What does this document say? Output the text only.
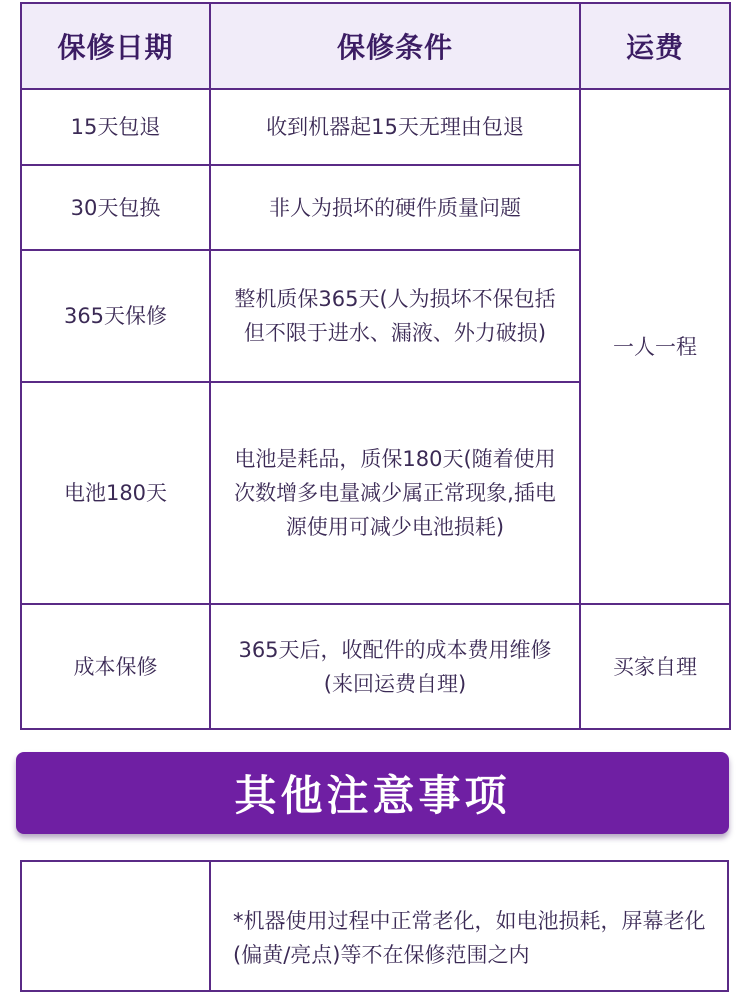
保修日期	保修条件	运费
15天包退	收到机器起15天无理由包退	一人一程
30天包换	非人为损坏的硬件质量问题	
365天保修	整机质保365天(人为损坏不保包括但不限于进水、漏液、外力破损)	
电池180天	电池是耗品，质保180天(随着使用次数增多电量减少属正常现象,插电源使用可减少电池损耗)	
成本保修	365天后，收配件的成本费用维修(来回运费自理)	买家自理
其他注意事项
	*机器使用过程中正常老化，如电池损耗，屏幕老化(偏黄/亮点)等不在保修范围之内
